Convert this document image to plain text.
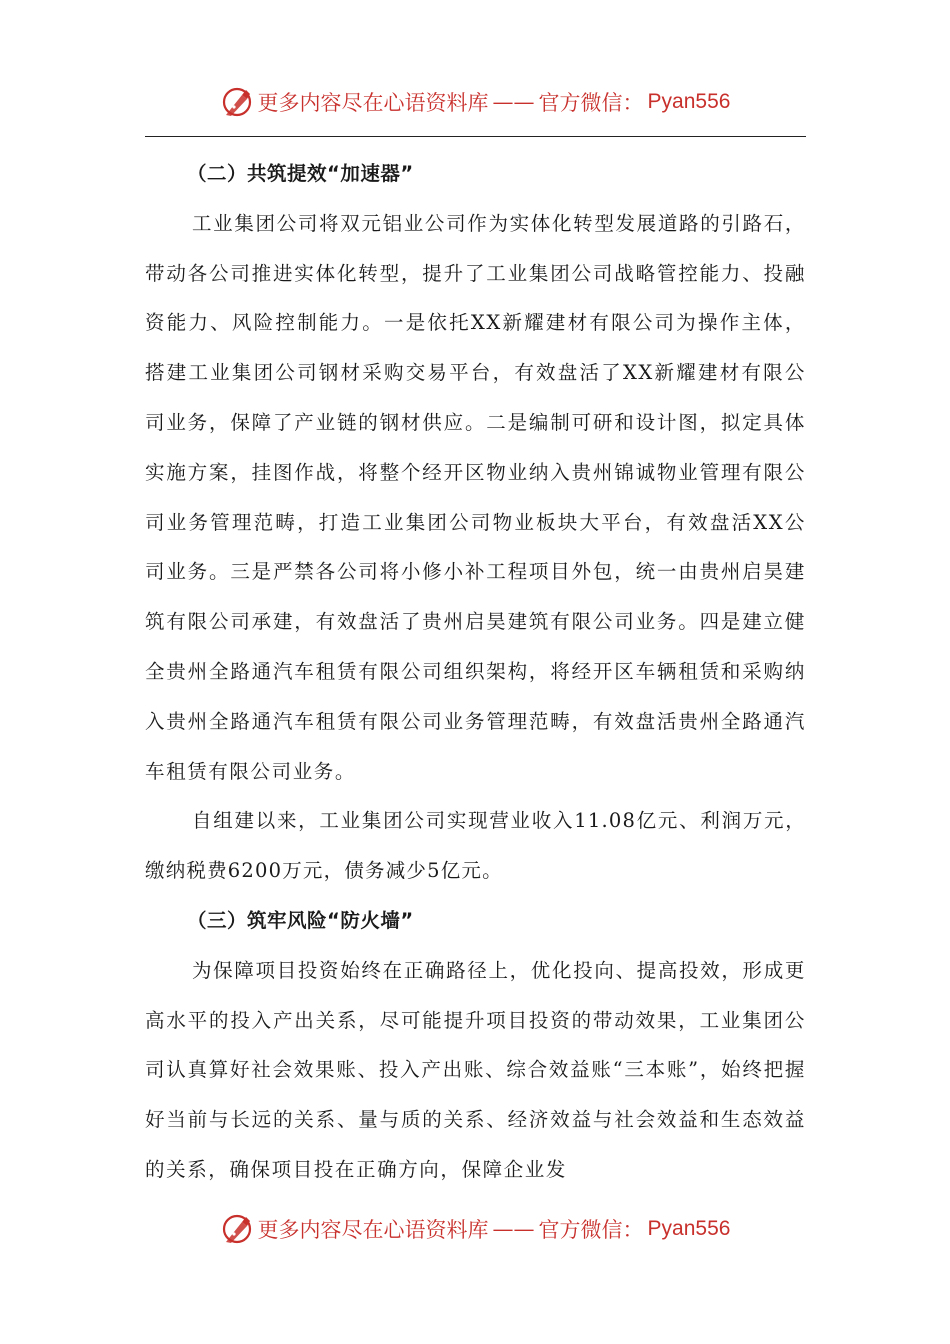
更多内容尽在心语资料库 —— 官方微信： Pyan556

（二）共筑提效“加速器”

工业集团公司将双元铝业公司作为实体化转型发展道路的引路石，带动各公司推进实体化转型，提升了工业集团公司战略管控能力、投融资能力、风险控制能力。一是依托XX新耀建材有限公司为操作主体，搭建工业集团公司钢材采购交易平台，有效盘活了XX新耀建材有限公司业务，保障了产业链的钢材供应。二是编制可研和设计图，拟定具体实施方案，挂图作战，将整个经开区物业纳入贵州锦诚物业管理有限公司业务管理范畴，打造工业集团公司物业板块大平台，有效盘活XX公司业务。三是严禁各公司将小修小补工程项目外包，统一由贵州启昊建筑有限公司承建，有效盘活了贵州启昊建筑有限公司业务。四是建立健全贵州全路通汽车租赁有限公司组织架构，将经开区车辆租赁和采购纳入贵州全路通汽车租赁有限公司业务管理范畴，有效盘活贵州全路通汽车租赁有限公司业务。

自组建以来，工业集团公司实现营业收入11.08亿元、利润万元，缴纳税费6200万元，债务减少5亿元。

（三）筑牢风险“防火墙”

为保障项目投资始终在正确路径上，优化投向、提高投效，形成更高水平的投入产出关系，尽可能提升项目投资的带动效果，工业集团公司认真算好社会效果账、投入产出账、综合效益账“三本账”，始终把握好当前与长远的关系、量与质的关系、经济效益与社会效益和生态效益的关系，确保项目投在正确方向，保障企业发

更多内容尽在心语资料库 —— 官方微信： Pyan556
